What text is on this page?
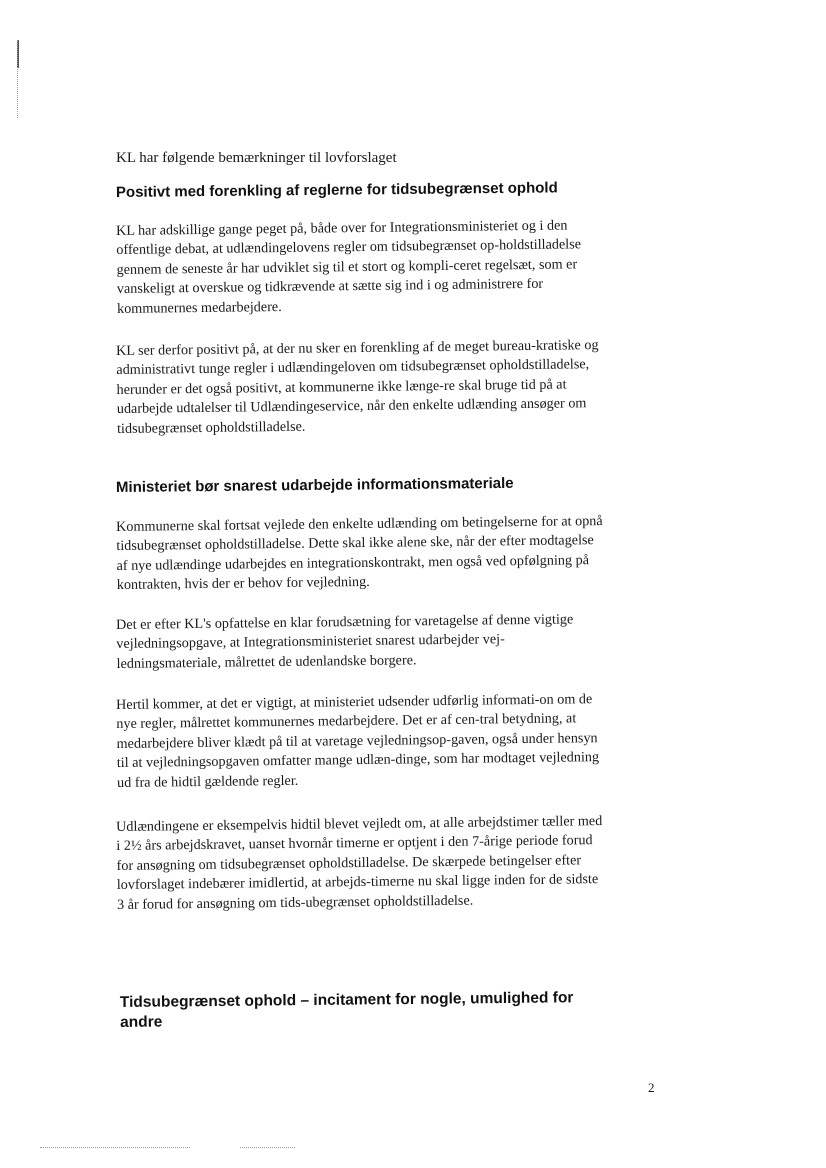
KL har følgende bemærkninger til lovforslaget
Positivt med forenkling af reglerne for tidsubegrænset ophold

KL har adskillige gange peget på, både over for Integrationsministeriet og i den offentlige debat, at udlændingelovens regler om tidsubegrænset op-holdstilladelse gennem de seneste år har udviklet sig til et stort og kompli-ceret regelsæt, som er vanskeligt at overskue og tidkrævende at sætte sig ind i og administrere for kommunernes medarbejdere.

KL ser derfor positivt på, at der nu sker en forenkling af de meget bureau-kratiske og administrativt tunge regler i udlændingeloven om tidsubegrænset opholdstilladelse, herunder er det også positivt, at kommunerne ikke længe-re skal bruge tid på at udarbejde udtalelser til Udlændingeservice, når den enkelte udlænding ansøger om tidsubegrænset opholdstilladelse.

Ministeriet bør snarest udarbejde informationsmateriale

Kommunerne skal fortsat vejlede den enkelte udlænding om betingelserne for at opnå tidsubegrænset opholdstilladelse. Dette skal ikke alene ske, når der efter modtagelse af nye udlændinge udarbejdes en integrationskontrakt, men også ved opfølgning på kontrakten, hvis der er behov for vejledning.

Det er efter KL's opfattelse en klar forudsætning for varetagelse af denne vigtige vejledningsopgave, at Integrationsministeriet snarest udarbejder vej-ledningsmateriale, målrettet de udenlandske borgere.

Hertil kommer, at det er vigtigt, at ministeriet udsender udførlig informati-on om de nye regler, målrettet kommunernes medarbejdere. Det er af cen-tral betydning, at medarbejdere bliver klædt på til at varetage vejledningsop-gaven, også under hensyn til at vejledningsopgaven omfatter mange udlæn-dinge, som har modtaget vejledning ud fra de hidtil gældende regler.

Udlændingene er eksempelvis hidtil blevet vejledt om, at alle arbejdstimer tæller med i 2½ års arbejdskravet, uanset hvornår timerne er optjent i den 7-årige periode forud for ansøgning om tidsubegrænset opholdstilladelse. De skærpede betingelser efter lovforslaget indebærer imidlertid, at arbejds-timerne nu skal ligge inden for de sidste 3 år forud for ansøgning om tids-ubegrænset opholdstilladelse.

Tidsubegrænset ophold – incitament for nogle, umulighed for andre
2
